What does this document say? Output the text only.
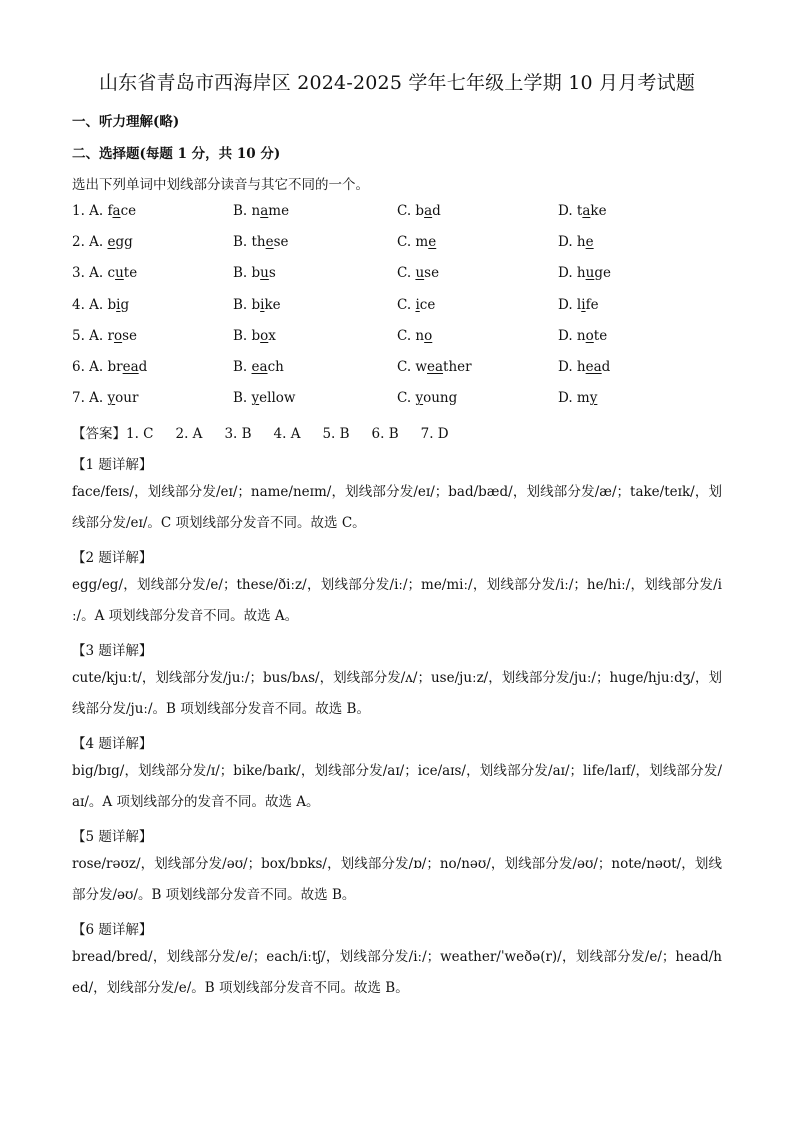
山东省青岛市西海岸区 2024-2025 学年七年级上学期 10 月月考试题
一、听力理解(略)
二、选择题(每题 1 分，共 10 分)
选出下列单词中划线部分读音与其它不同的一个。
1. A. face	B. name	C. bad	D. take
2. A. egg	B. these	C. me	D. he
3. A. cute	B. bus	C. use	D. huge
4. A. big	B. bike	C. ice	D. life
5. A. rose	B. box	C. no	D. note
6. A. bread	B. each	C. weather	D. head
7. A. your	B. yellow	C. young	D. my
【答案】1. C 2. A 3. B 4. A 5. B 6. B 7. D
【1 题详解】
face/feɪs/，划线部分发/eɪ/；name/neɪm/，划线部分发/eɪ/；bad/bæd/，划线部分发/æ/；take/teɪk/，划线部分发/eɪ/。C 项划线部分发音不同。故选 C。
【2 题详解】
egg/eg/，划线部分发/e/；these/ðiːz/，划线部分发/iː/；me/miː/，划线部分发/iː/；he/hiː/，划线部分发/iː/。A 项划线部分发音不同。故选 A。
【3 题详解】
cute/kjuːt/，划线部分发/juː/；bus/bʌs/，划线部分发/ʌ/；use/juːz/，划线部分发/juː/；huge/hjuːdʒ/，划线部分发/juː/。B 项划线部分发音不同。故选 B。
【4 题详解】
big/bɪg/，划线部分发/ɪ/；bike/baɪk/，划线部分发/aɪ/；ice/aɪs/，划线部分发/aɪ/；life/laɪf/，划线部分发/aɪ/。A 项划线部分的发音不同。故选 A。
【5 题详解】
rose/rəʊz/，划线部分发/əʊ/；box/bɒks/，划线部分发/ɒ/；no/nəʊ/，划线部分发/əʊ/；note/nəʊt/，划线部分发/əʊ/。B 项划线部分发音不同。故选 B。
【6 题详解】
bread/bred/，划线部分发/e/；each/iːtʃ/，划线部分发/iː/；weather/ˈweðə(r)/，划线部分发/e/；head/hed/，划线部分发/e/。B 项划线部分发音不同。故选 B。
